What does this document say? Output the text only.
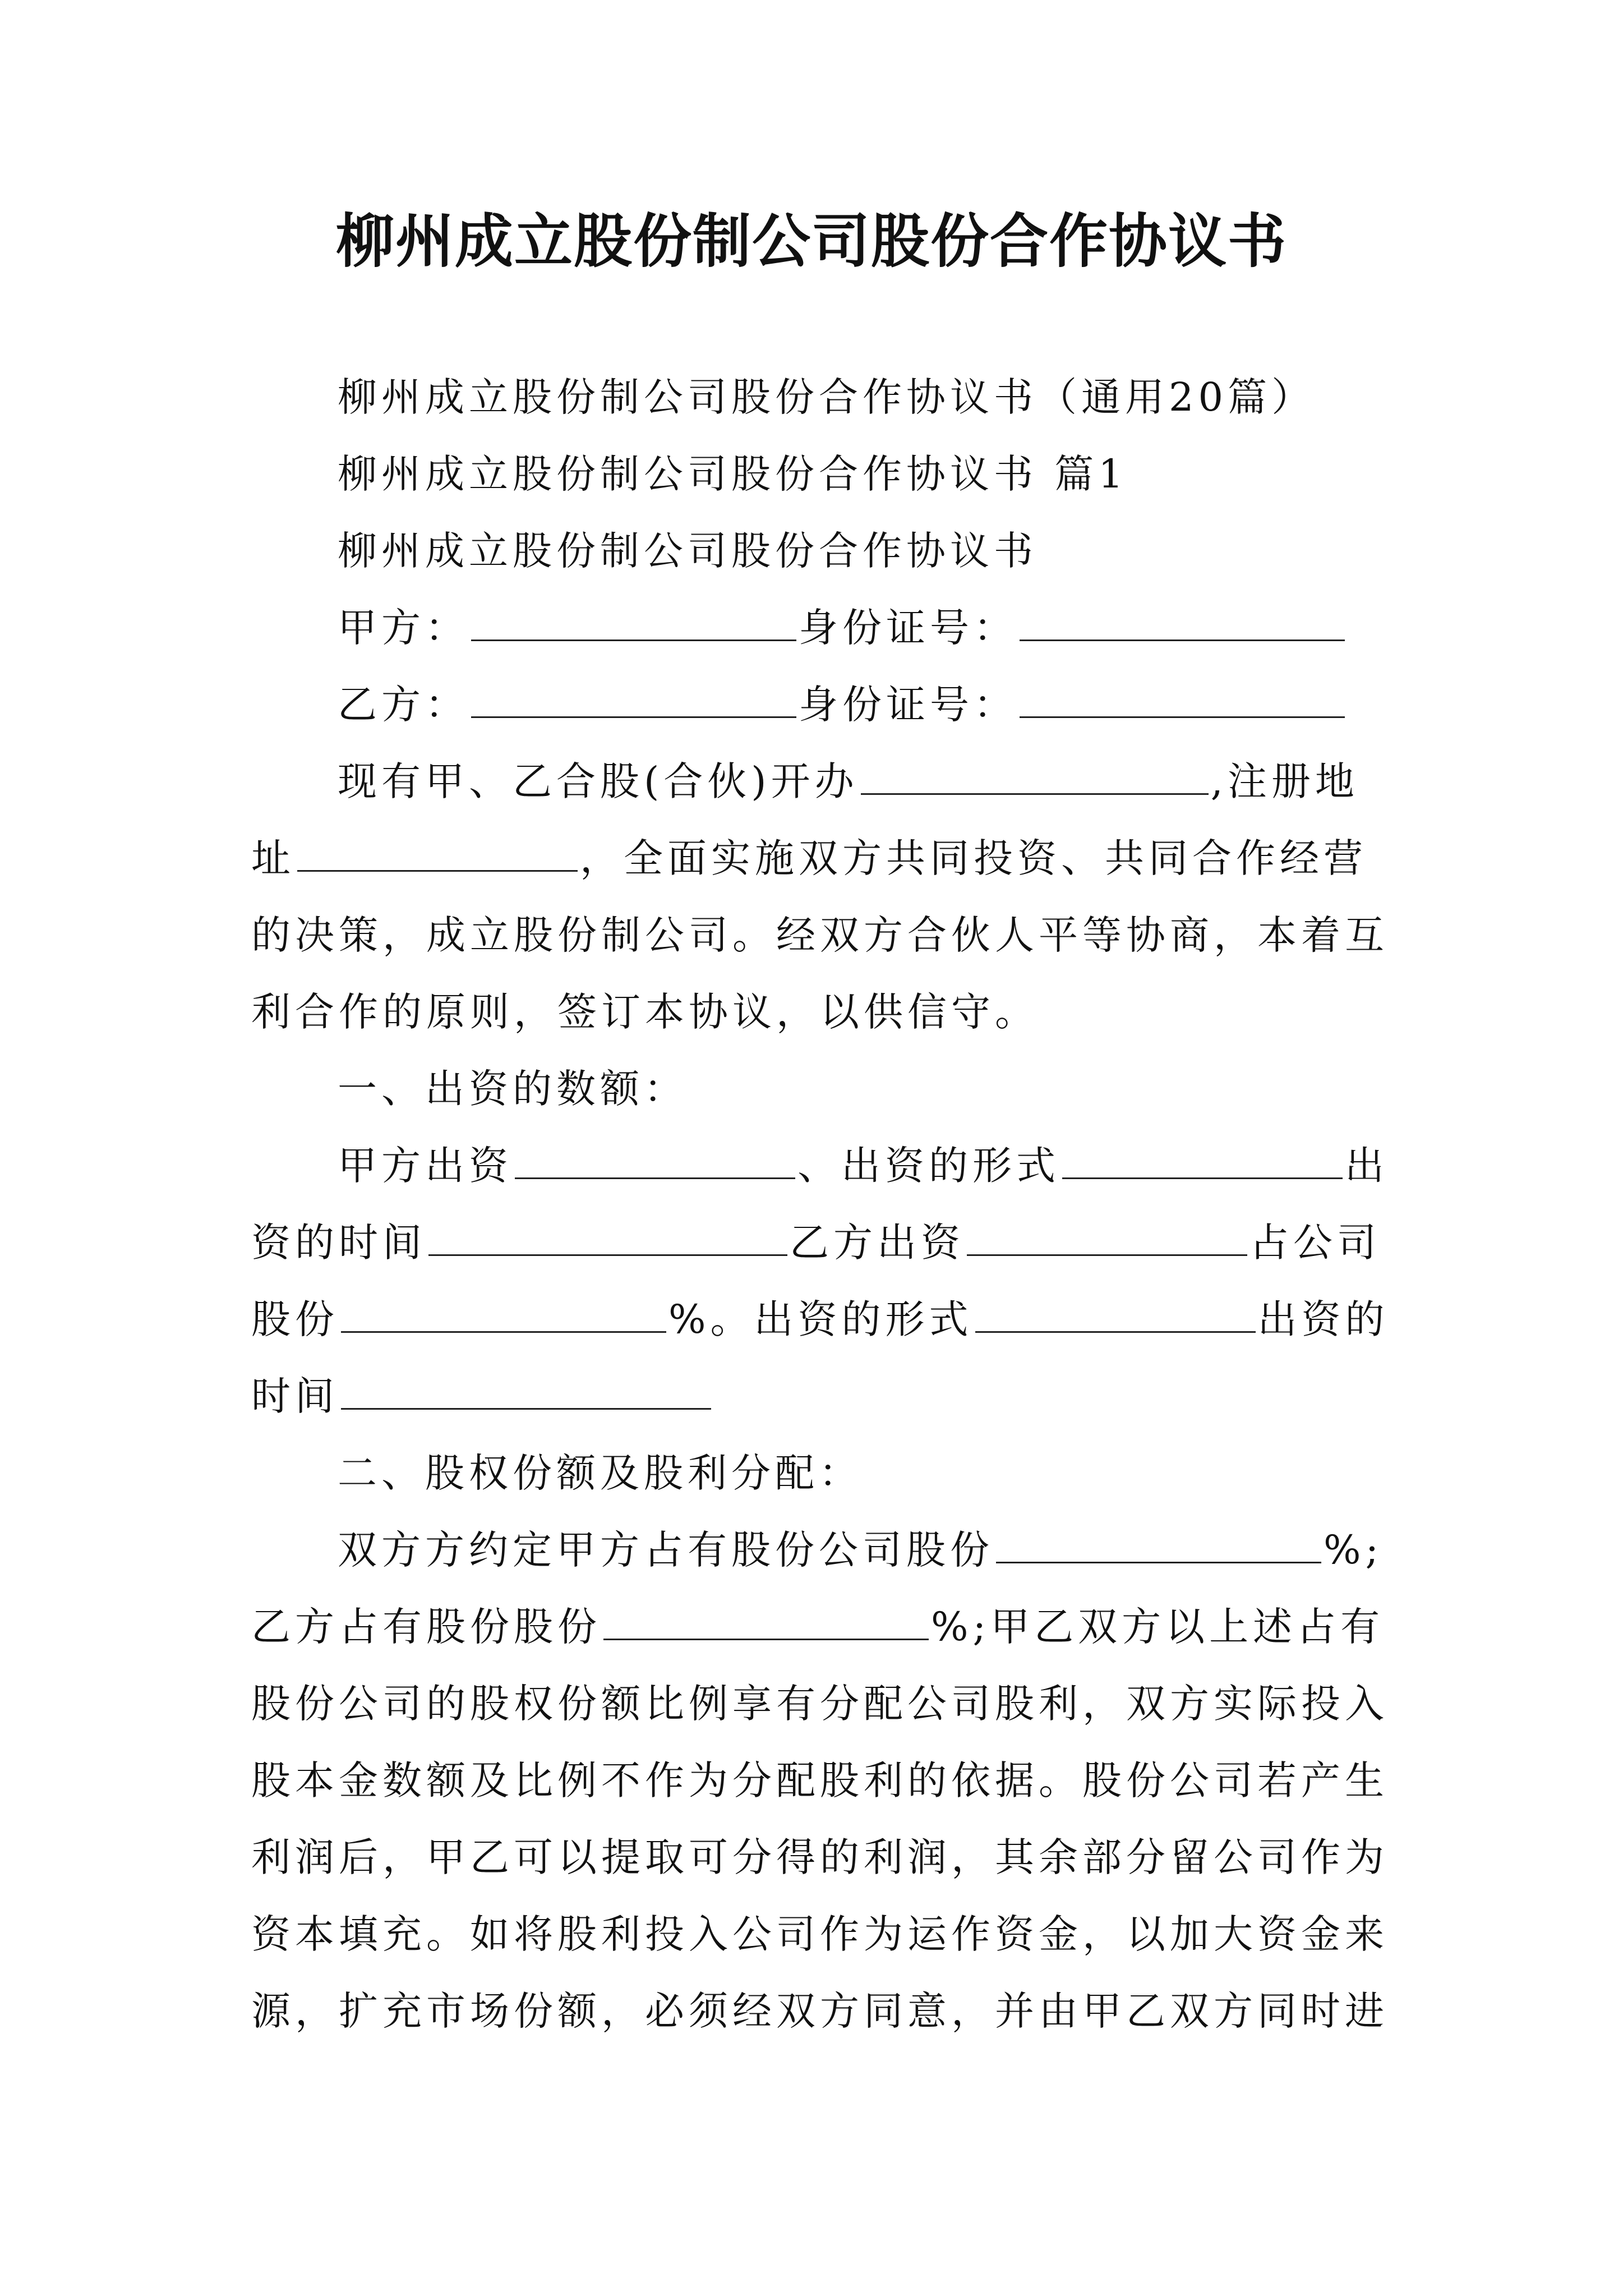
柳州成立股份制公司股份合作协议书
柳州成立股份制公司股份合作协议书（通用20篇）
柳州成立股份制公司股份合作协议书 篇1
柳州成立股份制公司股份合作协议书
甲方：	身份证号：
乙方：	身份证号：
现有甲、乙合股(合伙)开办	,注册地
址	，全面实施双方共同投资、共同合作经营
的决策，成立股份制公司。经双方合伙人平等协商，本着互
利合作的原则，签订本协议，以供信守。
一、出资的数额：
甲方出资	、出资的形式	出
资的时间	乙方出资	占公司
股份	%。出资的形式	出资的
时间
二、股权份额及股利分配：
双方方约定甲方占有股份公司股份	%;
乙方占有股份股份	%;甲乙双方以上述占有
股份公司的股权份额比例享有分配公司股利，双方实际投入
股本金数额及比例不作为分配股利的依据。股份公司若产生
利润后，甲乙可以提取可分得的利润，其余部分留公司作为
资本填充。如将股利投入公司作为运作资金，以加大资金来
源，扩充市场份额，必须经双方同意，并由甲乙双方同时进
